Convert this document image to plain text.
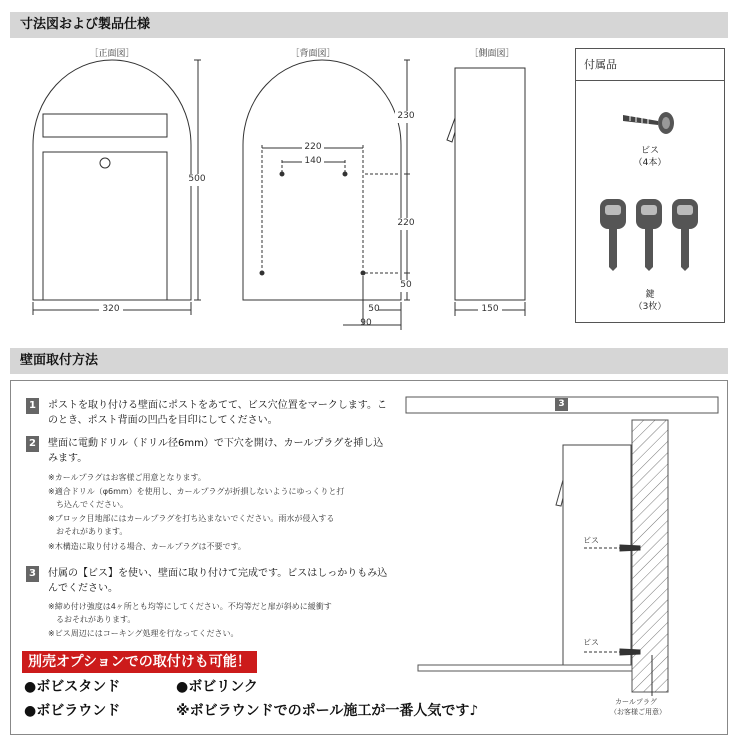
寸法図および製品仕様
［正面図］	［背面図］	［側面図］
500
320
230
220
50
220
140
50
90
150
付属品
ビス
（4本）
鍵
（3枚）
壁面取付方法
1	ポストを取り付ける壁面にポストをあてて、ビス穴位置をマークします。こ
のとき、ポスト背面の凹凸を目印にしてください。
2	壁面に電動ドリル（ドリル径6mm）で下穴を開け、カールプラグを挿し込
みます。
※カールプラグはお客様ご用意となります。
※適合ドリル（φ6mm）を使用し、カールプラグが折損しないようにゆっくりと打
　ち込んでください。
※ブロック目地部にはカールプラグを打ち込まないでください。雨水が侵入する
　おそれがあります。
※木構造に取り付ける場合、カールプラグは不要です。
3	付属の【ビス】を使い、壁面に取り付けて完成です。ビスはしっかりもみ込
んでください。
※締め付け強度は4ヶ所とも均等にしてください。不均等だと扉が斜めに緩衝す
　るおそれがあります。
※ビス周辺にはコーキング処理を行なってください。
3
ビス
ビス
カールプラグ
（お客様ご用意）
別売オプションでの取付けも可能！
●ボビスタンド	●ボビリンク
●ボビラウンド	※ボビラウンドでのポール施工が一番人気です♪
